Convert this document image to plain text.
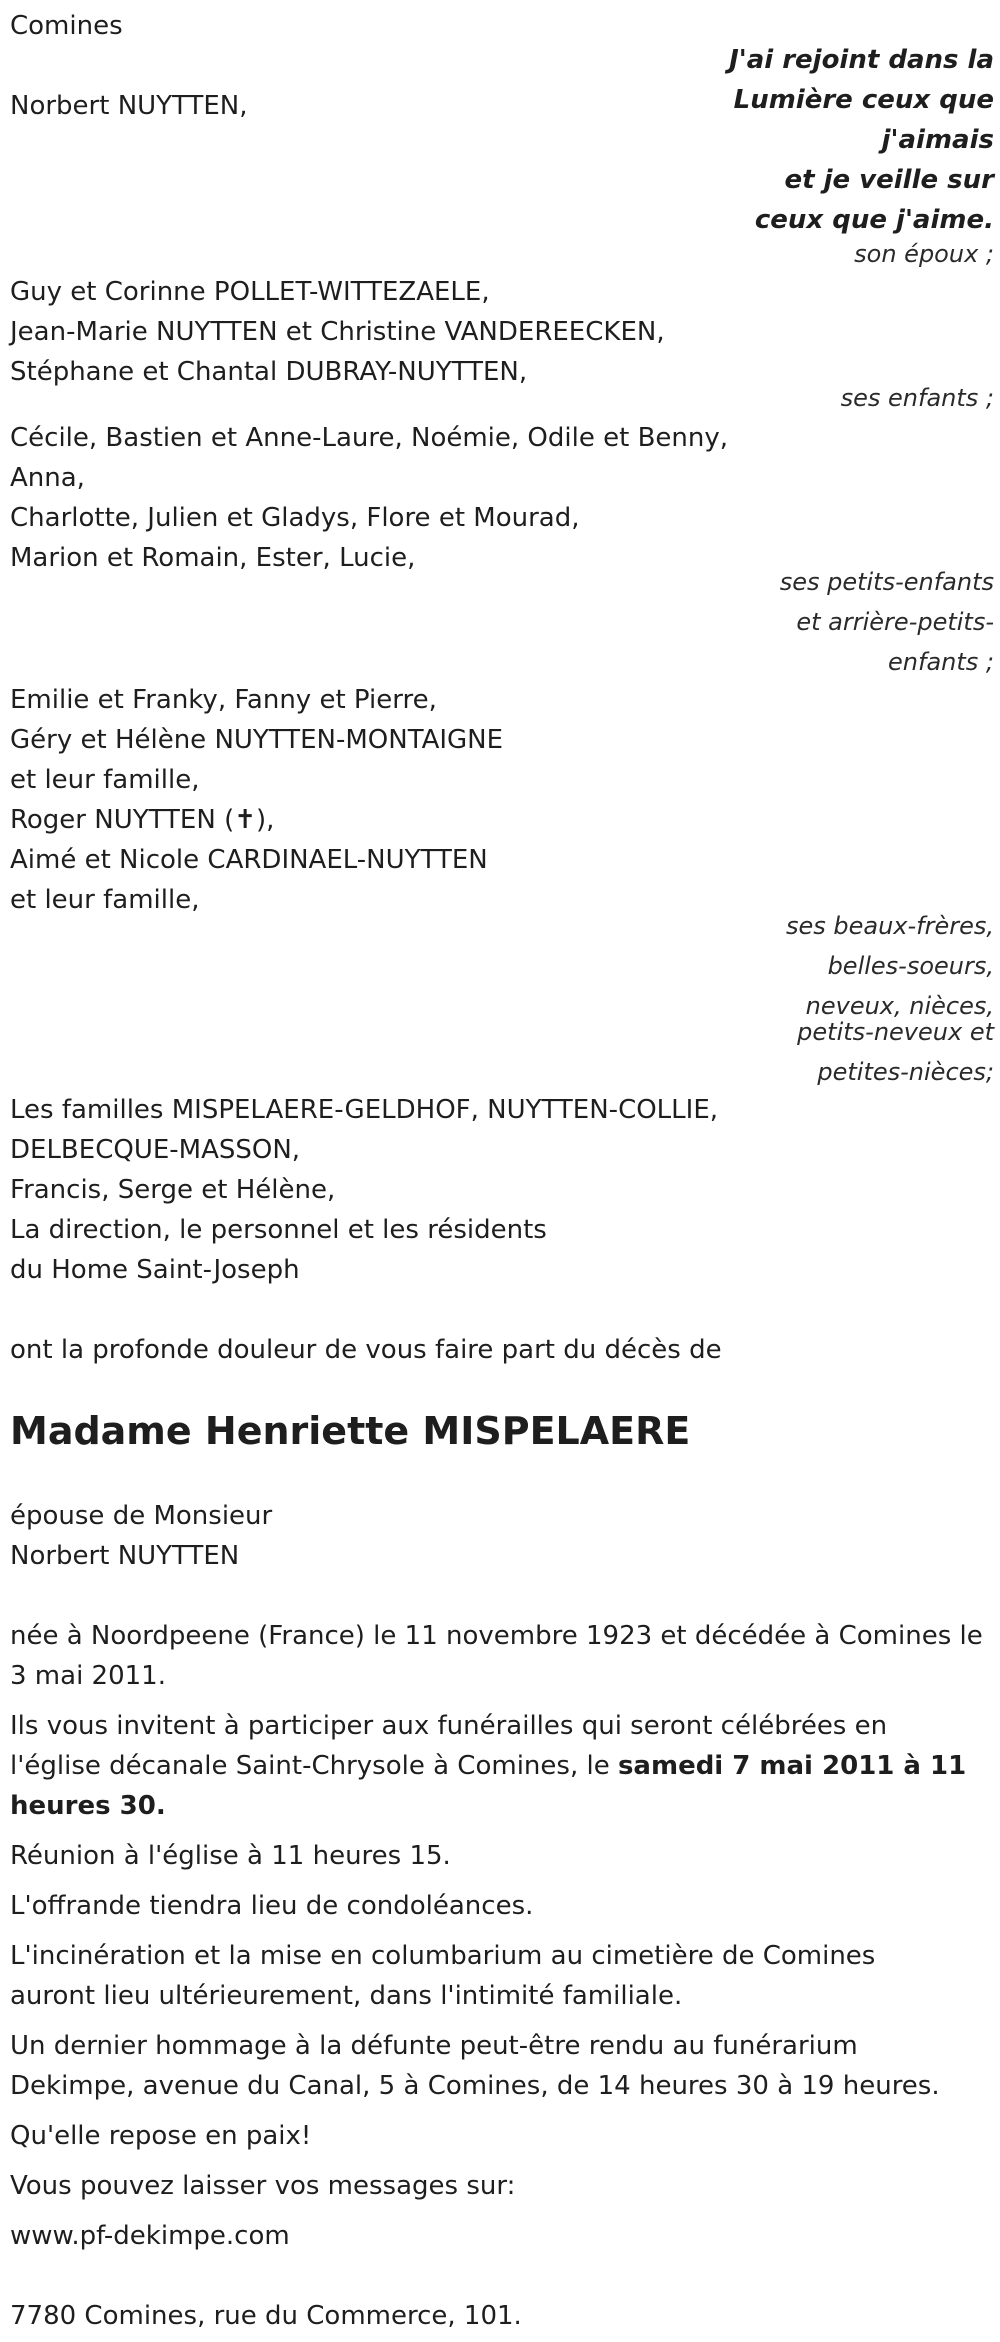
Comines
Norbert NUYTTEN,
J'ai rejoint dans la
Lumière ceux que
j'aimais
et je veille sur
ceux que j'aime.
son époux ;
Guy et Corinne POLLET-WITTEZAELE,
Jean-Marie NUYTTEN et Christine VANDEREECKEN,
Stéphane et Chantal DUBRAY-NUYTTEN,
ses enfants ;
Cécile, Bastien et Anne-Laure, Noémie, Odile et Benny,
Anna,
Charlotte, Julien et Gladys, Flore et Mourad,
Marion et Romain, Ester, Lucie,
ses petits-enfants
et arrière-petits-
enfants ;
Emilie et Franky, Fanny et Pierre,
Géry et Hélène NUYTTEN-MONTAIGNE
et leur famille,
Roger NUYTTEN (✝),
Aimé et Nicole CARDINAEL-NUYTTEN
et leur famille,
ses beaux-frères,
belles-soeurs,
neveux, nièces,
petits-neveux et
petites-nièces;
Les familles MISPELAERE-GELDHOF, NUYTTEN-COLLIE,
DELBECQUE-MASSON,
Francis, Serge et Hélène,
La direction, le personnel et les résidents
du Home Saint-Joseph
ont la profonde douleur de vous faire part du décès de
Madame Henriette MISPELAERE
épouse de Monsieur
Norbert NUYTTEN
née à Noordpeene (France) le 11 novembre 1923 et décédée à Comines le
3 mai 2011.
Ils vous invitent à participer aux funérailles qui seront célébrées en
l'église décanale Saint-Chrysole à Comines, le samedi 7 mai 2011 à 11
heures 30.
Réunion à l'église à 11 heures 15.
L'offrande tiendra lieu de condoléances.
L'incinération et la mise en columbarium au cimetière de Comines
auront lieu ultérieurement, dans l'intimité familiale.
Un dernier hommage à la défunte peut-être rendu au funérarium
Dekimpe, avenue du Canal, 5 à Comines, de 14 heures 30 à 19 heures.
Qu'elle repose en paix!
Vous pouvez laisser vos messages sur:
www.pf-dekimpe.com
7780 Comines, rue du Commerce, 101.
